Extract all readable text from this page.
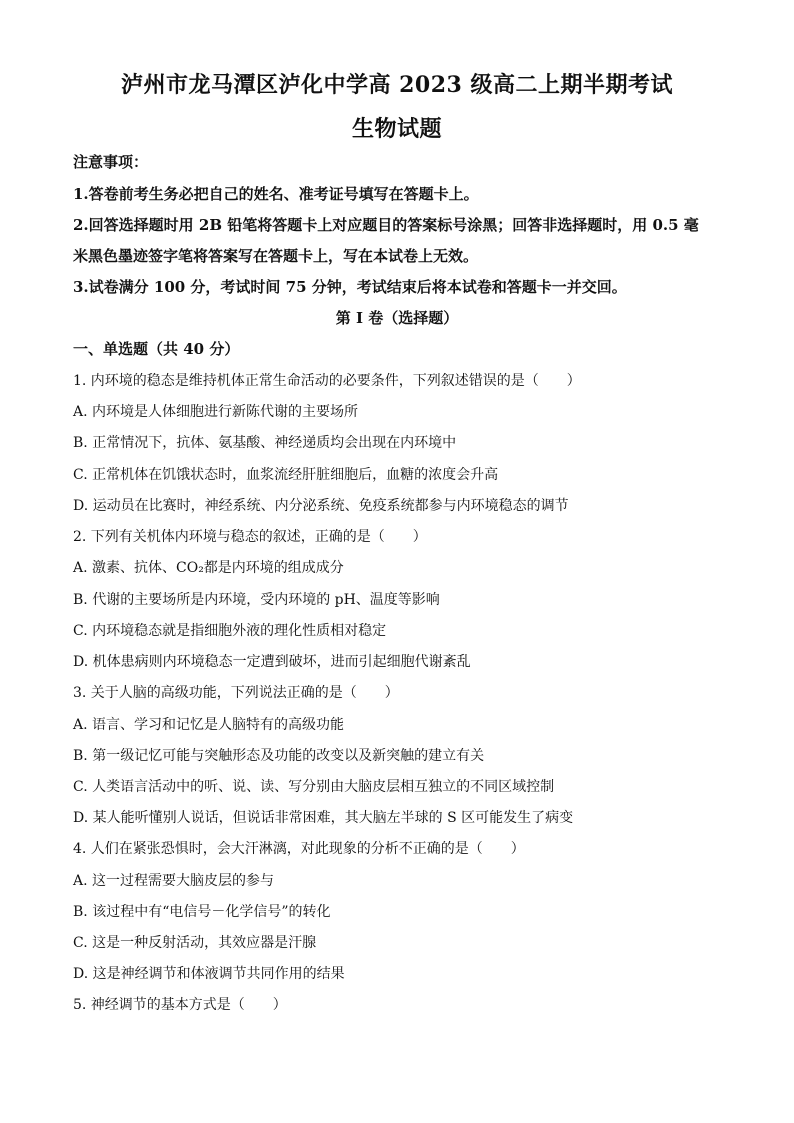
泸州市龙马潭区泸化中学高 2023 级高二上期半期考试
生物试题
注意事项：
1.答卷前考生务必把自己的姓名、准考证号填写在答题卡上。
2.回答选择题时用 2B 铅笔将答题卡上对应题目的答案标号涂黑；回答非选择题时，用 0.5 毫
米黑色墨迹签字笔将答案写在答题卡上，写在本试卷上无效。
3.试卷满分 100 分，考试时间 75 分钟，考试结束后将本试卷和答题卡一并交回。
第 I 卷（选择题）
一、单选题（共 40 分）
1. 内环境的稳态是维持机体正常生命活动的必要条件，下列叙述错误的是（　　）
A. 内环境是人体细胞进行新陈代谢的主要场所
B. 正常情况下，抗体、氨基酸、神经递质均会出现在内环境中
C. 正常机体在饥饿状态时，血浆流经肝脏细胞后，血糖的浓度会升高
D. 运动员在比赛时，神经系统、内分泌系统、免疫系统都参与内环境稳态的调节
2. 下列有关机体内环境与稳态的叙述，正确的是（　　）
A. 激素、抗体、CO₂都是内环境的组成成分
B. 代谢的主要场所是内环境，受内环境的 pH、温度等影响
C. 内环境稳态就是指细胞外液的理化性质相对稳定
D. 机体患病则内环境稳态一定遭到破坏，进而引起细胞代谢紊乱
3. 关于人脑的高级功能，下列说法正确的是（　　）
A. 语言、学习和记忆是人脑特有的高级功能
B. 第一级记忆可能与突触形态及功能的改变以及新突触的建立有关
C. 人类语言活动中的听、说、读、写分别由大脑皮层相互独立的不同区域控制
D. 某人能听懂别人说话，但说话非常困难，其大脑左半球的 S 区可能发生了病变
4. 人们在紧张恐惧时，会大汗淋漓，对此现象的分析不正确的是（　　）
A. 这一过程需要大脑皮层的参与
B. 该过程中有“电信号－化学信号”的转化
C. 这是一种反射活动，其效应器是汗腺
D. 这是神经调节和体液调节共同作用的结果
5. 神经调节的基本方式是（　　）
